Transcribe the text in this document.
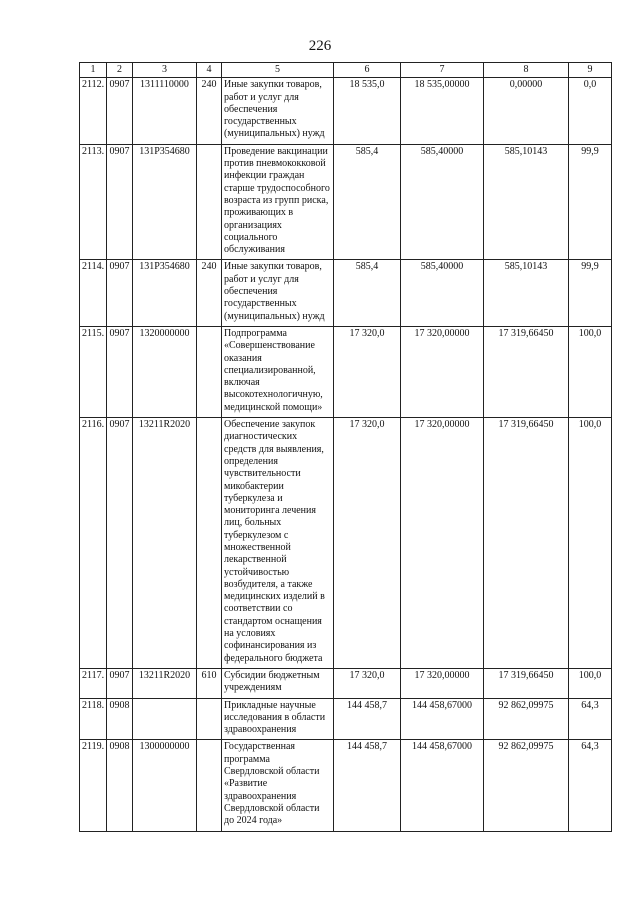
226
1	2	3	4	5	6	7	8	9
2112.	0907	1311110000	240	Иные закупки товаров, работ и услуг для обеспечения государственных (муниципальных) нужд	18 535,0	18 535,00000	0,00000	0,0
2113.	0907	131P354680		Проведение вакцинации против пневмококковой инфекции граждан старше трудоспособного возраста из групп риска, проживающих в организациях социального обслуживания	585,4	585,40000	585,10143	99,9
2114.	0907	131P354680	240	Иные закупки товаров, работ и услуг для обеспечения государственных (муниципальных) нужд	585,4	585,40000	585,10143	99,9
2115.	0907	1320000000		Подпрограмма «Совершенствование оказания специализированной, включая высокотехнологичную, медицинской помощи»	17 320,0	17 320,00000	17 319,66450	100,0
2116.	0907	13211R2020		Обеспечение закупок диагностических средств для выявления, определения чувствительности микобактерии туберкулеза и мониторинга лечения лиц, больных туберкулезом с множественной лекарственной устойчивостью возбудителя, а также медицинских изделий в соответствии со стандартом оснащения на условиях софинансирования из федерального бюджета	17 320,0	17 320,00000	17 319,66450	100,0
2117.	0907	13211R2020	610	Субсидии бюджетным учреждениям	17 320,0	17 320,00000	17 319,66450	100,0
2118.	0908			Прикладные научные исследования в области здравоохранения	144 458,7	144 458,67000	92 862,09975	64,3
2119.	0908	1300000000		Государственная программа Свердловской области «Развитие здравоохранения Свердловской области до 2024 года»	144 458,7	144 458,67000	92 862,09975	64,3
